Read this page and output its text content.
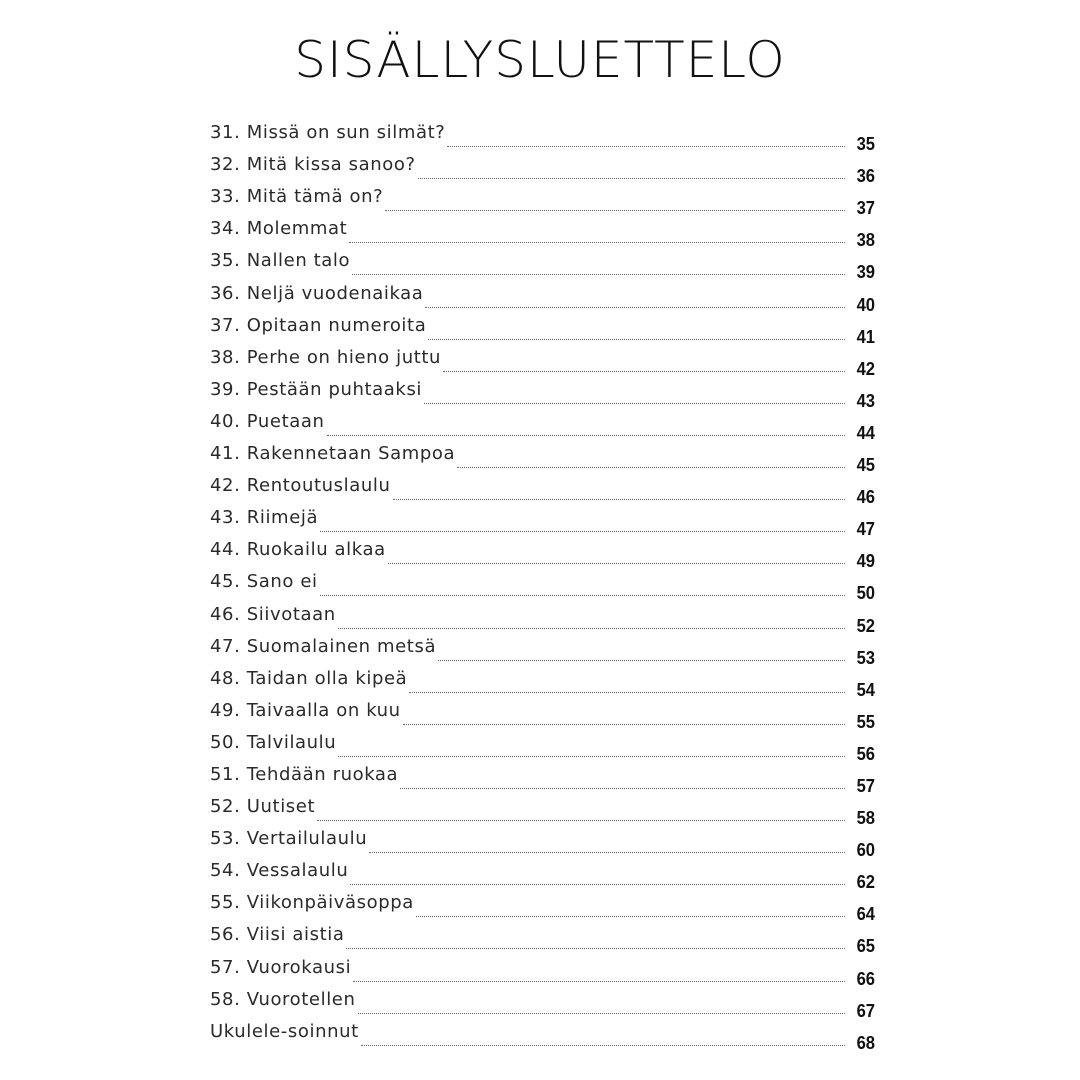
SISÄLLYSLUETTELO
31. Missä on sun silmät?
35
32. Mitä kissa sanoo?
36
33. Mitä tämä on?
37
34. Molemmat
38
35. Nallen talo
39
36. Neljä vuodenaikaa
40
37. Opitaan numeroita
41
38. Perhe on hieno juttu
42
39. Pestään puhtaaksi
43
40. Puetaan
44
41. Rakennetaan Sampoa
45
42. Rentoutuslaulu
46
43. Riimejä
47
44. Ruokailu alkaa
49
45. Sano ei
50
46. Siivotaan
52
47. Suomalainen metsä
53
48. Taidan olla kipeä
54
49. Taivaalla on kuu
55
50. Talvilaulu
56
51. Tehdään ruokaa
57
52. Uutiset
58
53. Vertailulaulu
60
54. Vessalaulu
62
55. Viikonpäiväsoppa
64
56. Viisi aistia
65
57. Vuorokausi
66
58. Vuorotellen
67
Ukulele-soinnut
68
